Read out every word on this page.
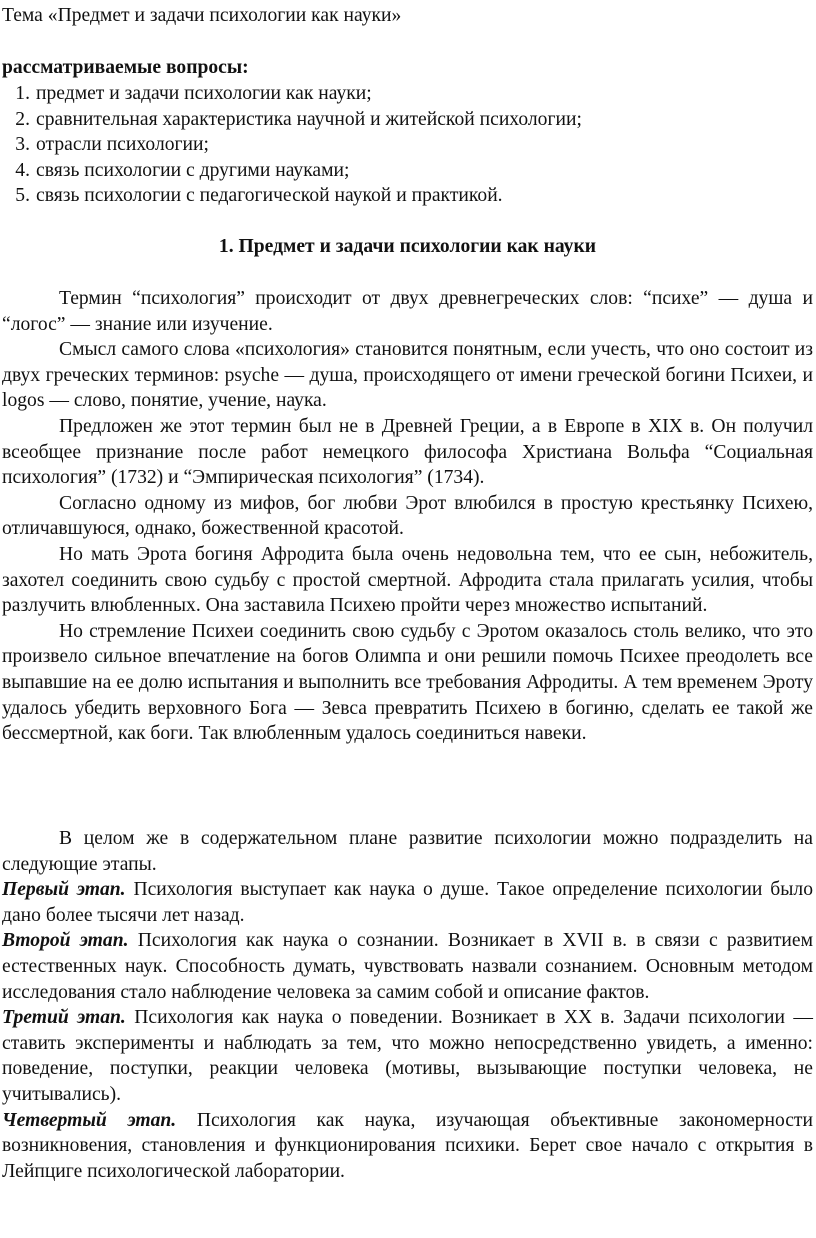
Тема «Предмет и задачи психологии как науки»
рассматриваемые вопросы:
1. предмет и задачи психологии как науки;
2. сравнительная характеристика научной и житейской психологии;
3. отрасли психологии;
4. связь психологии с другими науками;
5. связь психологии с педагогической наукой и практикой.
1. Предмет и задачи психологии как науки

Термин “психология” происходит от двух древнегреческих слов: “психе” — душа и “логос” — знание или изучение.

Смысл самого слова «психология» становится понятным, если учесть, что оно состоит из двух греческих терминов: psyche — душа, происходящего от имени греческой богини Психеи, и logos — слово, понятие, учение, наука.

Предложен же этот термин был не в Древней Греции, а в Европе в XIX в. Он получил всеобщее признание после работ немецкого философа Христиана Вольфа “Социальная психология” (1732) и “Эмпирическая психология” (1734).

Согласно одному из мифов, бог любви Эрот влюбился в простую крестьянку Психею, отличавшуюся, однако, божественной красотой.

Но мать Эрота богиня Афродита была очень недовольна тем, что ее сын, небожитель, захотел соединить свою судьбу с простой смертной. Афродита стала прилагать усилия, чтобы разлучить влюбленных. Она заставила Психею пройти через множество испытаний.

Но стремление Психеи соединить свою судьбу с Эротом оказалось столь велико, что это произвело сильное впечатление на богов Олимпа и они решили помочь Психее преодолеть все выпавшие на ее долю испытания и выполнить все требования Афродиты. А тем временем Эроту удалось убедить верховного Бога — Зевса превратить Психею в богиню, сделать ее такой же бессмертной, как боги. Так влюбленным удалось соединиться навеки.

В целом же в содержательном плане развитие психологии можно подразделить на следующие этапы.

Первый этап. Психология выступает как наука о душе. Такое определение психологии было дано более тысячи лет назад.

Второй этап. Психология как наука о сознании. Возникает в XVII в. в связи с развитием естественных наук. Способность думать, чувствовать назвали сознанием. Основным методом исследования стало наблюдение человека за самим собой и описание фактов.

Третий этап. Психология как наука о поведении. Возникает в XX в. Задачи психологии — ставить эксперименты и наблюдать за тем, что можно непосредственно увидеть, а именно: поведение, поступки, реакции человека (мотивы, вызывающие поступки человека, не учитывались).

Четвертый этап. Психология как наука, изучающая объективные закономерности возникновения, становления и функционирования психики. Берет свое начало с открытия в Лейпциге психологической лаборатории.
